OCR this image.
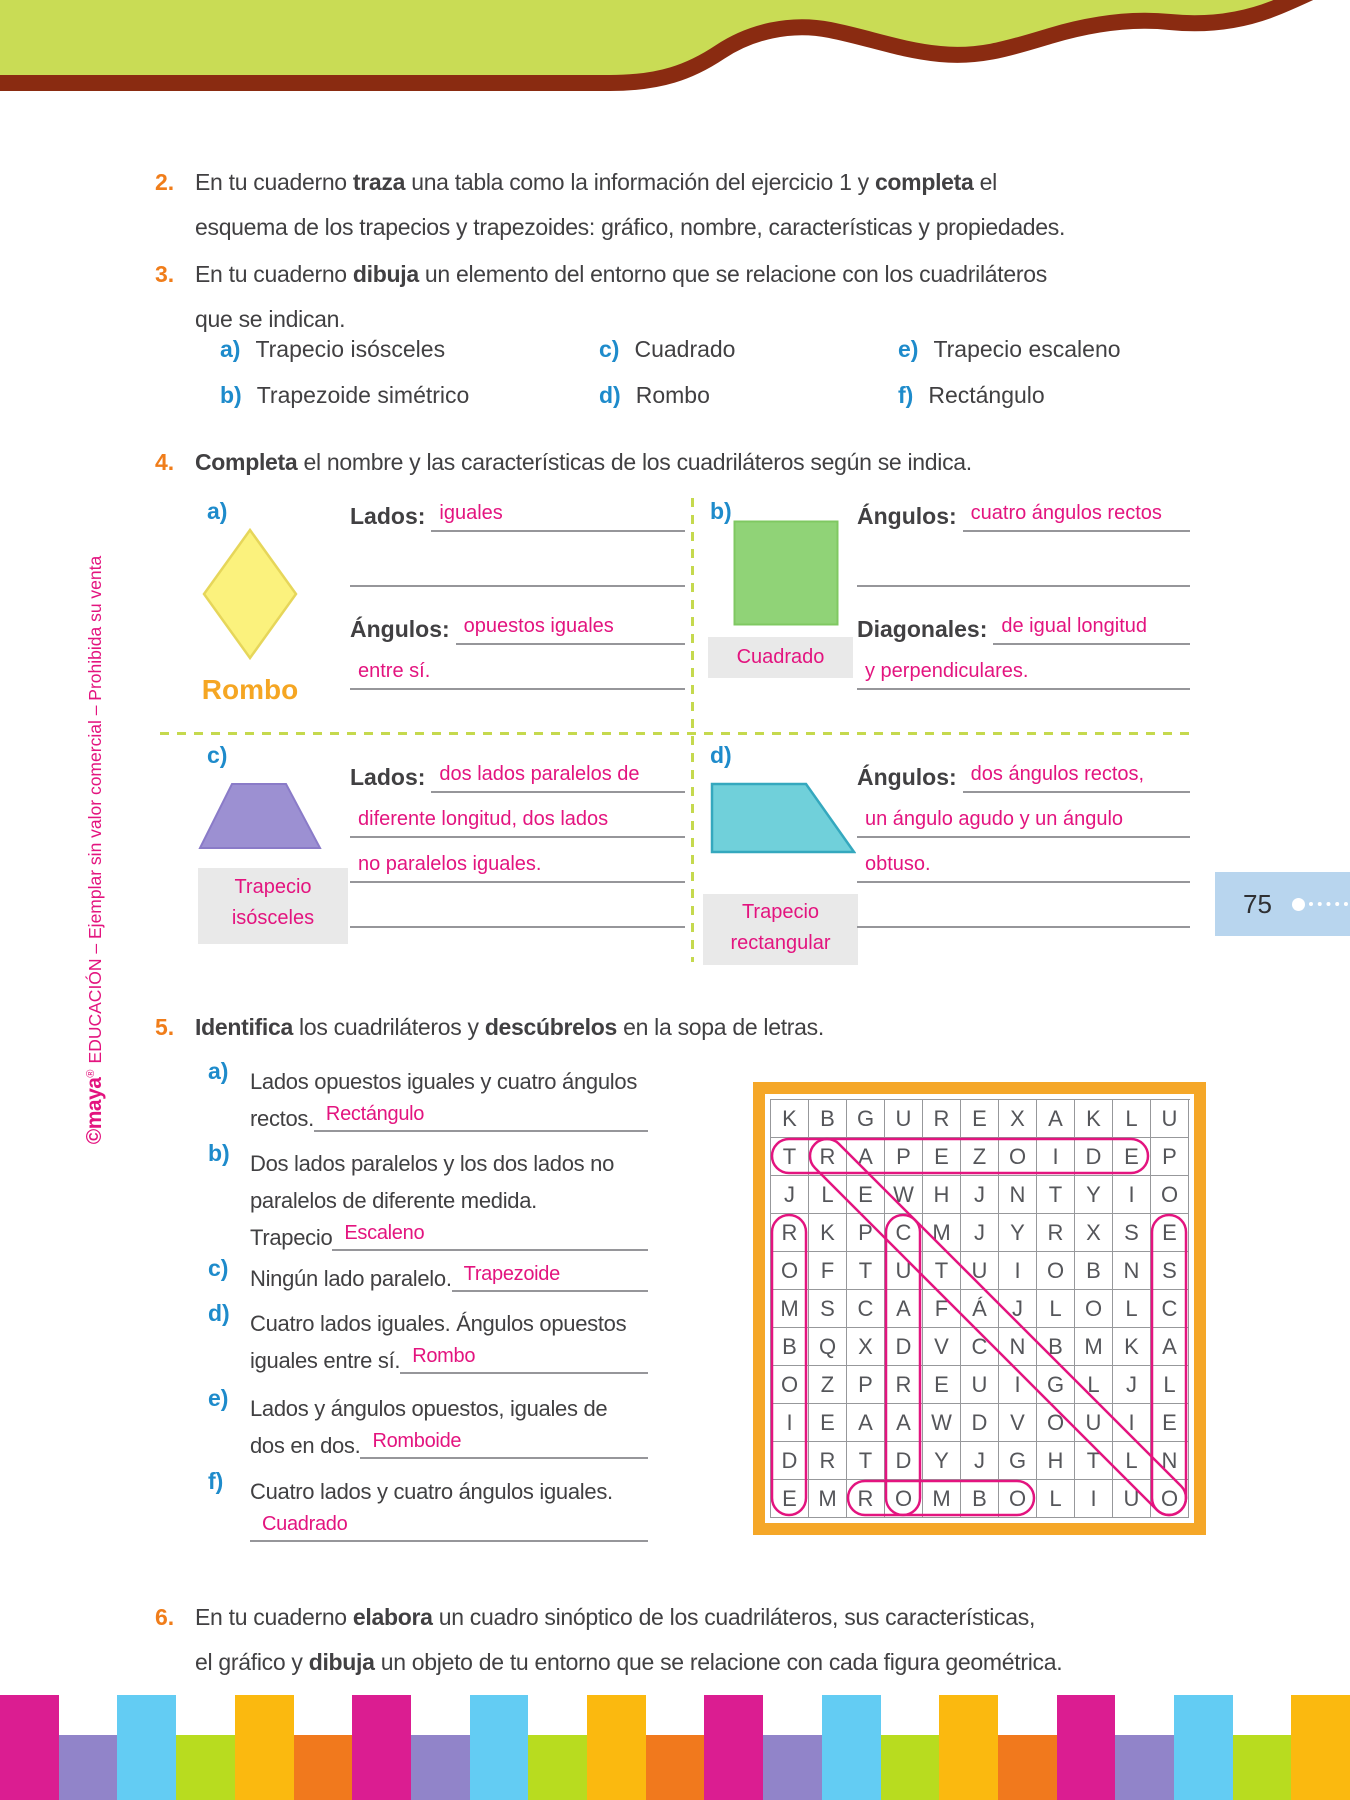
©maya
®
EDUCACIÓN – Ejemplar sin valor comercial – Prohibida su venta
2. En tu cuaderno traza una tabla como la información del ejercicio 1 y completa el
esquema de los trapecios y trapezoides: gráfico, nombre, características y propiedades.
3. En tu cuaderno dibuja un elemento del entorno que se relacione con los cuadriláteros
que se indican.
a) Trapecio isósceles
b) Trapezoide simétrico
c) Cuadrado
d) Rombo
e) Trapecio escaleno
f) Rectángulo
4. Completa el nombre y las características de los cuadriláteros según se indica.
a)
Rombo
Lados: iguales
Ángulos: opuestos iguales
entre sí.
b)
Cuadrado
Ángulos: cuatro ángulos rectos
Diagonales: de igual longitud
y perpendiculares.
c)
Trapecio
isósceles
Lados: dos lados paralelos de
diferente longitud, dos lados
no paralelos iguales.
d)
Trapecio
rectangular
Ángulos: dos ángulos rectos,
un ángulo agudo y un ángulo
obtuso.
75
5. Identifica los cuadriláteros y descúbrelos en la sopa de letras.
a) Lados opuestos iguales y cuatro ángulos
rectos. Rectángulo
b) Dos lados paralelos y los dos lados no
paralelos de diferente medida.
Trapecio Escaleno
c) Ningún lado paralelo. Trapezoide
d) Cuatro lados iguales. Ángulos opuestos
iguales entre sí. Rombo
e) Lados y ángulos opuestos, iguales de
dos en dos. Romboide
f)	Cuatro lados y cuatro ángulos iguales.
Cuadrado
K	B	G U	R	E	X	A	K	L	U
T	R	A	P	E	Z	O	I	D	E	P
J	L	E W H	J	N	T	Y	I	O
R	K	P	C M	J	Y	R	X	S	E
O	F	T	U	T	U	I	O	B	N	S
M S	C	A	F	Á	J	L	O	L	C
B	Q	X	D	V	C	N	B M K	A
O	Z	P	R	E	U	I	G	L	J	L
I	E	A	A W D	V	O U	I	E
D	R	T	D	Y	J	G H	T	L	N
E M R O M B	O	L	I	U O
6. En tu cuaderno elabora un cuadro sinóptico de los cuadriláteros, sus características,
el gráfico y dibuja un objeto de tu entorno que se relacione con cada figura geométrica.
